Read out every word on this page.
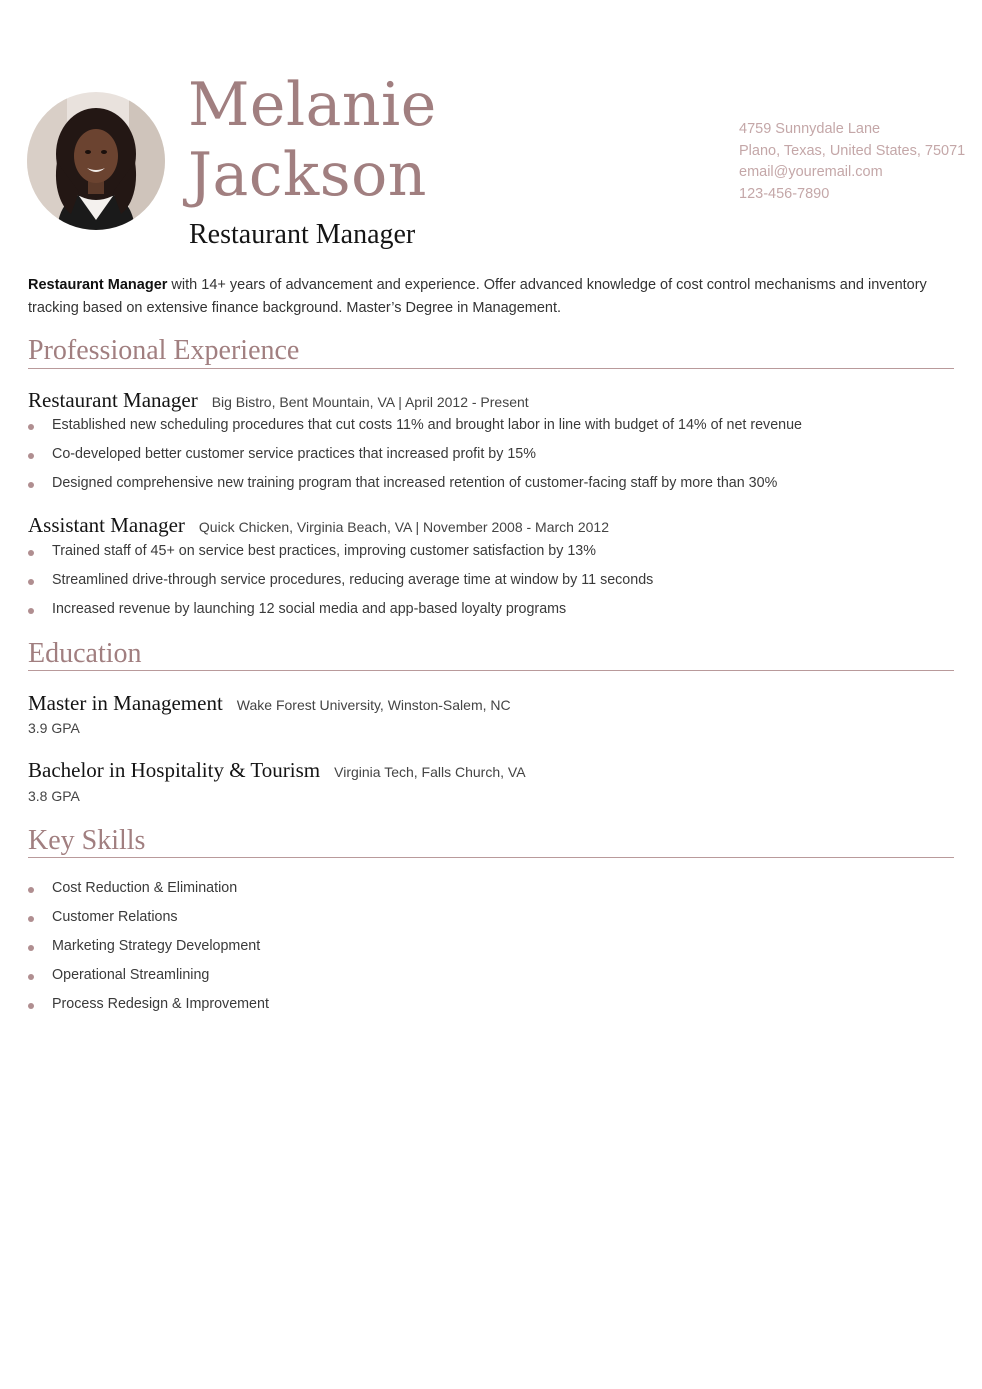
Melanie
Jackson
Restaurant Manager
4759 Sunnydale Lane
Plano, Texas, United States, 75071
email@youremail.com
123-456-7890

Restaurant Manager with 14+ years of advancement and experience. Offer advanced knowledge of cost control mechanisms and inventory tracking based on extensive finance background. Master’s Degree in Management.

Professional Experience
Restaurant Manager Big Bistro, Bent Mountain, VA | April 2012 - Present
Established new scheduling procedures that cut costs 11% and brought labor in line with budget of 14% of net revenue
Co-developed better customer service practices that increased profit by 15%
Designed comprehensive new training program that increased retention of customer-facing staff by more than 30%
Assistant Manager Quick Chicken, Virginia Beach, VA | November 2008 - March 2012
Trained staff of 45+ on service best practices, improving customer satisfaction by 13%
Streamlined drive-through service procedures, reducing average time at window by 11 seconds
Increased revenue by launching 12 social media and app-based loyalty programs
Education
Master in Management Wake Forest University, Winston-Salem, NC
3.9 GPA
Bachelor in Hospitality & Tourism Virginia Tech, Falls Church, VA
3.8 GPA
Key Skills
Cost Reduction & Elimination
Customer Relations
Marketing Strategy Development
Operational Streamlining
Process Redesign & Improvement
